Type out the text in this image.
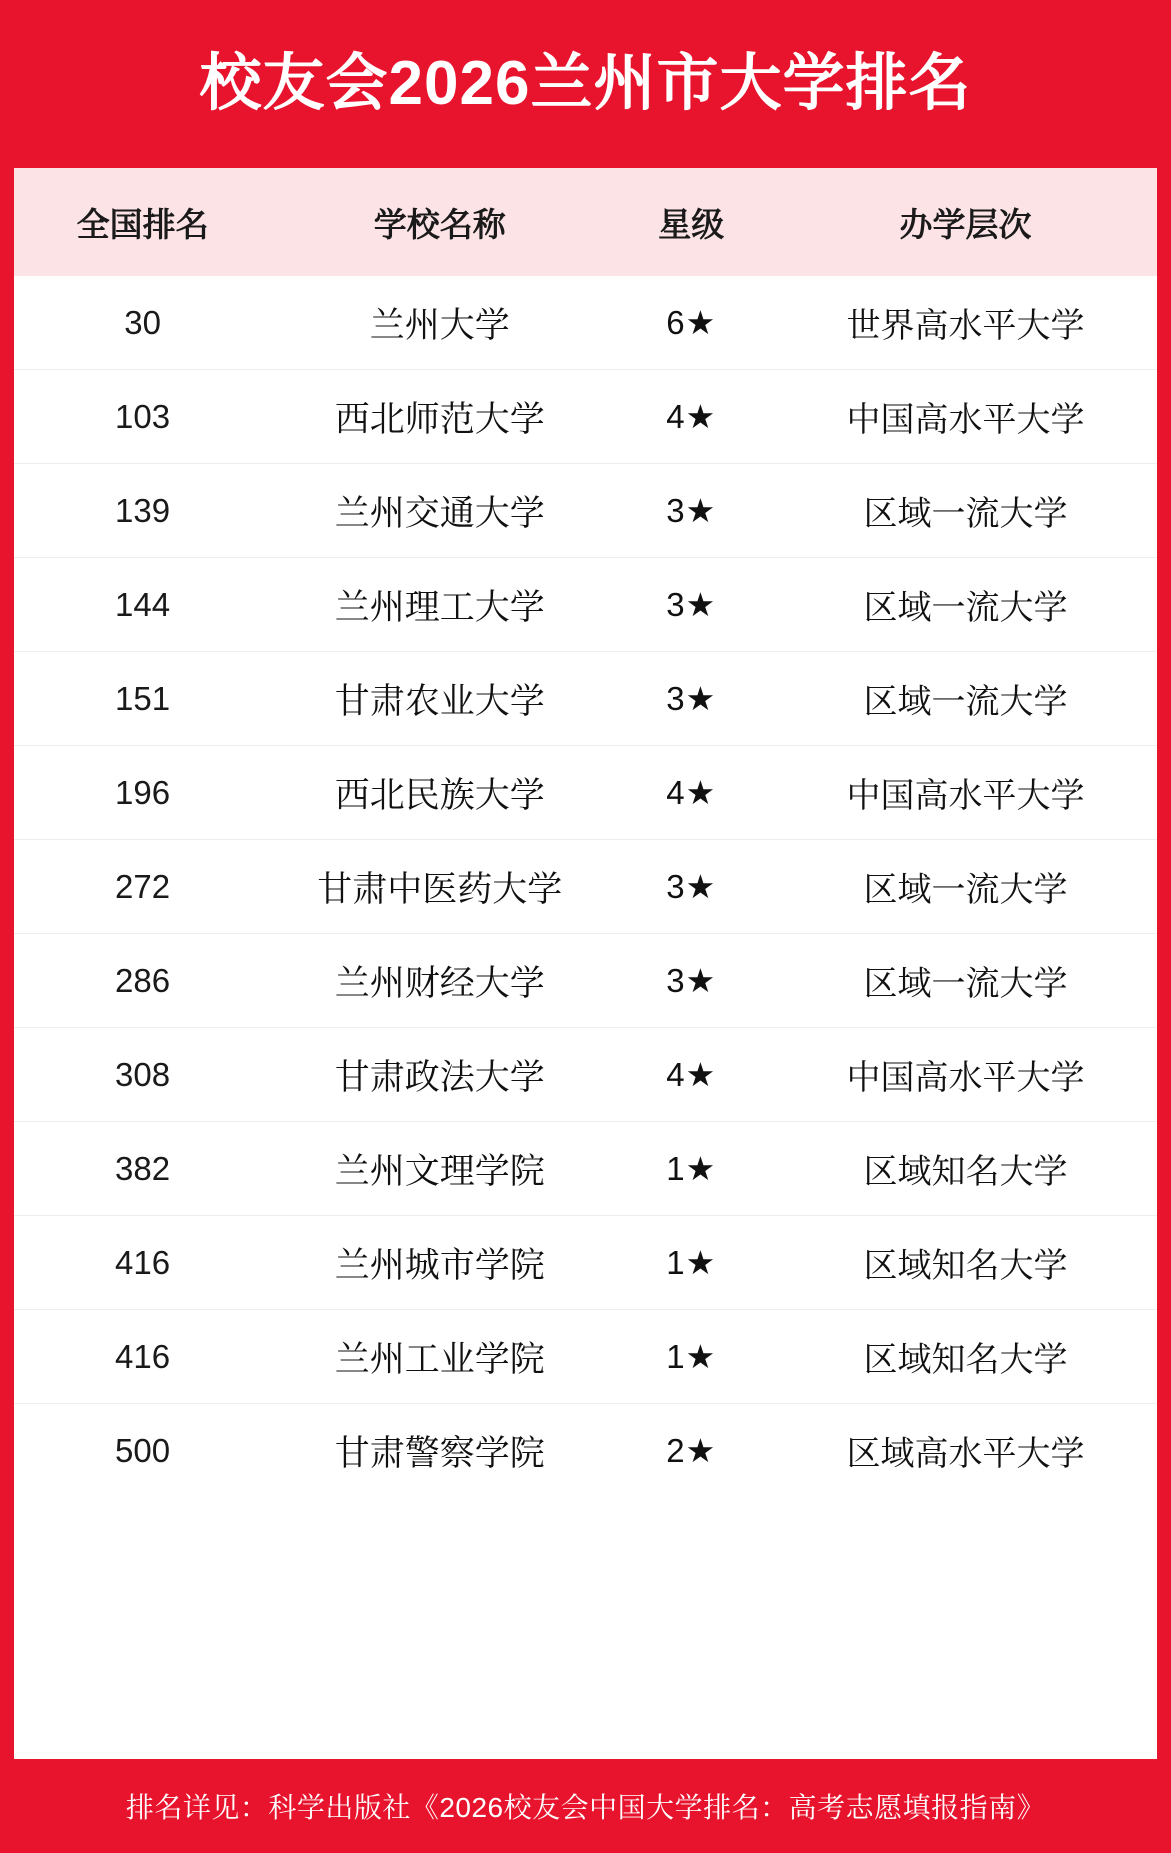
校友会2026兰州市大学排名
全国排名	学校名称	星级	办学层次
30	兰州大学	6★	世界高水平大学
103	西北师范大学	4★	中国高水平大学
139	兰州交通大学	3★	区域一流大学
144	兰州理工大学	3★	区域一流大学
151	甘肃农业大学	3★	区域一流大学
196	西北民族大学	4★	中国高水平大学
272	甘肃中医药大学	3★	区域一流大学
286	兰州财经大学	3★	区域一流大学
308	甘肃政法大学	4★	中国高水平大学
382	兰州文理学院	1★	区域知名大学
416	兰州城市学院	1★	区域知名大学
416	兰州工业学院	1★	区域知名大学
500	甘肃警察学院	2★	区域高水平大学
排名详见：科学出版社《2026校友会中国大学排名：高考志愿填报指南》
